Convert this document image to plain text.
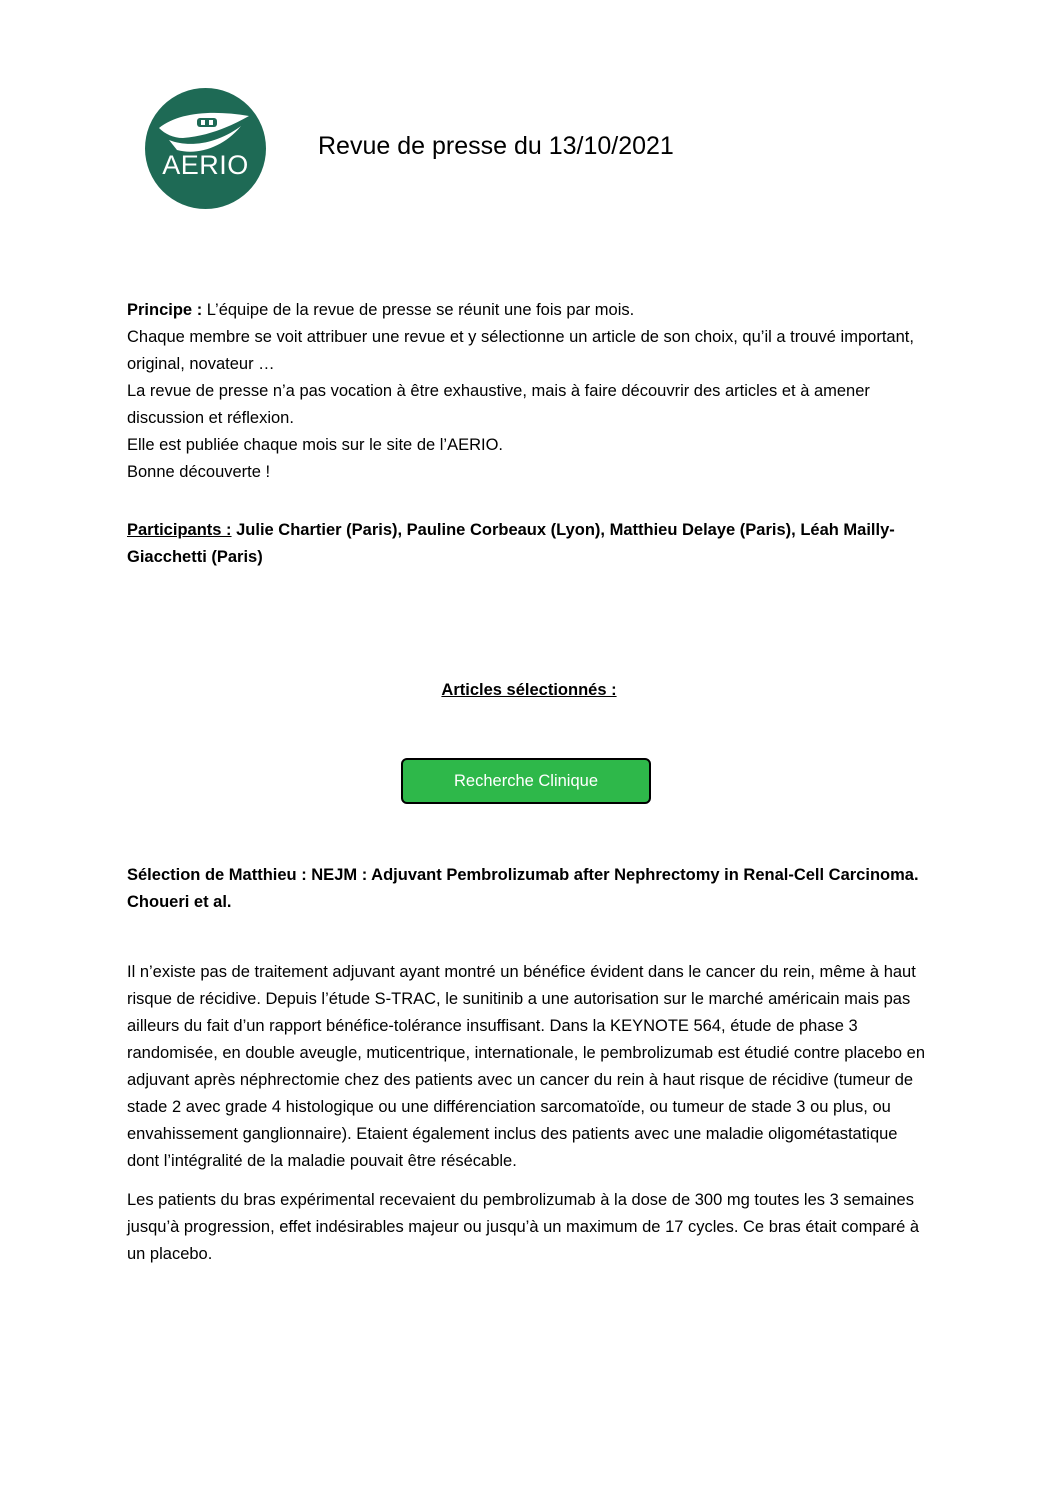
AERIO
Revue de presse du 13/10/2021

Principe : L’équipe de la revue de presse se réunit une fois par mois.

Chaque membre se voit attribuer une revue et y sélectionne un article de son choix, qu’il a trouvé important, original, novateur …

La revue de presse n’a pas vocation à être exhaustive, mais à faire découvrir des articles et à amener discussion et réflexion.

Elle est publiée chaque mois sur le site de l’AERIO.

Bonne découverte !

Participants : Julie Chartier (Paris), Pauline Corbeaux (Lyon), Matthieu Delaye (Paris), Léah Mailly-Giacchetti (Paris)

Articles sélectionnés :
Recherche Clinique

Sélection de Matthieu : NEJM : Adjuvant Pembrolizumab after Nephrectomy in Renal-Cell Carcinoma. Choueri et al.

Il n’existe pas de traitement adjuvant ayant montré un bénéfice évident dans le cancer du rein, même à haut risque de récidive. Depuis l’étude S-TRAC, le sunitinib a une autorisation sur le marché américain mais pas ailleurs du fait d’un rapport bénéfice-tolérance insuffisant. Dans la KEYNOTE 564, étude de phase 3 randomisée, en double aveugle, muticentrique, internationale, le pembrolizumab est étudié contre placebo en adjuvant après néphrectomie chez des patients avec un cancer du rein à haut risque de récidive (tumeur de stade 2 avec grade 4 histologique ou une différenciation sarcomatoïde, ou tumeur de stade 3 ou plus, ou envahissement ganglionnaire). Etaient également inclus des patients avec une maladie oligométastatique dont l’intégralité de la maladie pouvait être résécable.

Les patients du bras expérimental recevaient du pembrolizumab à la dose de 300 mg toutes les 3 semaines jusqu’à progression, effet indésirables majeur ou jusqu’à un maximum de 17 cycles. Ce bras était comparé à un placebo.
